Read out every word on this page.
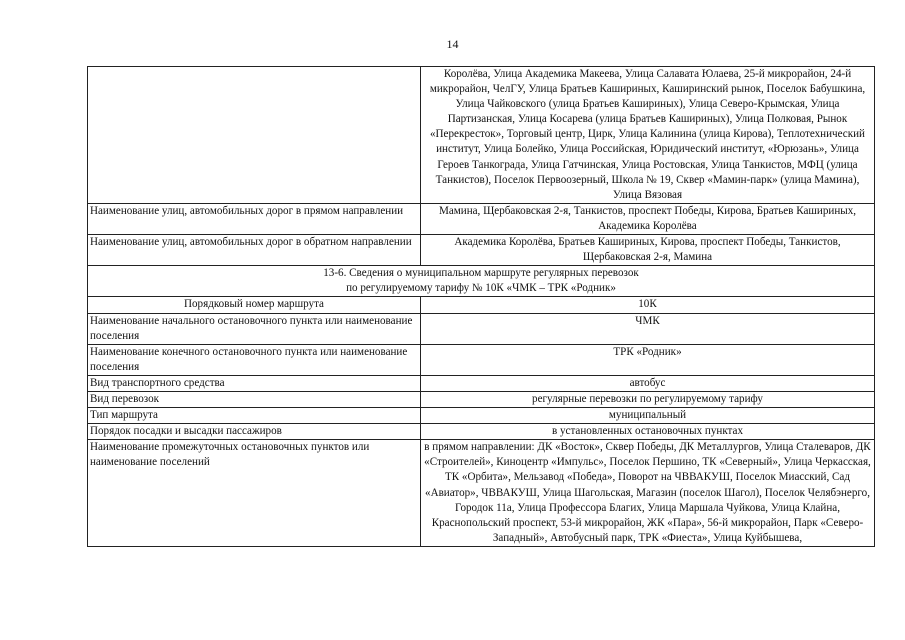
14
	Королёва, Улица Академика Макеева, Улица Салавата Юлаева, 25-й микрорайон, 24-й микрорайон, ЧелГУ, Улица Братьев Кашириных, Каширинский рынок, Поселок Бабушкина, Улица Чайковского (улица Братьев Кашириных), Улица Северо-Крымская, Улица Партизанская, Улица Косарева (улица Братьев Кашириных), Улица Полковая, Рынок «Перекресток», Торговый центр, Цирк, Улица Калинина (улица Кирова), Теплотехнический институт, Улица Болейко, Улица Российская, Юридический институт, «Юрюзань», Улица Героев Танкограда, Улица Гатчинская, Улица Ростовская, Улица Танкистов, МФЦ (улица Танкистов), Поселок Первоозерный, Школа № 19, Сквер «Мамин-парк» (улица Мамина), Улица Вязовая
Наименование улиц, автомобильных дорог в прямом направлении	Мамина, Щербаковская 2-я, Танкистов, проспект Победы, Кирова, Братьев Кашириных, Академика Королёва
Наименование улиц, автомобильных дорог в обратном направлении	Академика Королёва, Братьев Кашириных, Кирова, проспект Победы, Танкистов, Щербаковская 2-я, Мамина

13-6. Сведения о муниципальном маршруте регулярных перевозок
по регулируемому тарифу № 10К «ЧМК – ТРК «Родник»	

Порядковый номер маршрута	10К
Наименование начального остановочного пункта или наименование поселения	ЧМК
Наименование конечного остановочного пункта или наименование поселения	ТРК «Родник»
Вид транспортного средства	автобус
Вид перевозок	регулярные перевозки по регулируемому тарифу
Тип маршрута	муниципальный
Порядок посадки и высадки пассажиров	в установленных остановочных пунктах
Наименование промежуточных остановочных пунктов или наименование поселений	в прямом направлении: ДК «Восток», Сквер Победы, ДК Металлургов, Улица Сталеваров, ДК «Строителей», Киноцентр «Импульс», Поселок Першино, ТК «Северный», Улица Черкасская, ТК «Орбита», Мельзавод «Победа», Поворот на ЧВВАКУШ, Поселок Миасский, Сад «Авиатор», ЧВВАКУШ, Улица Шагольская, Магазин (поселок Шагол), Поселок Челябэнерго, Городок 11а, Улица Профессора Благих, Улица Маршала Чуйкова, Улица Клайна, Краснопольский проспект, 53-й микрорайон, ЖК «Пара», 56-й микрорайон, Парк «Северо-Западный», Автобусный парк, ТРК «Фиеста», Улица Куйбышева,
